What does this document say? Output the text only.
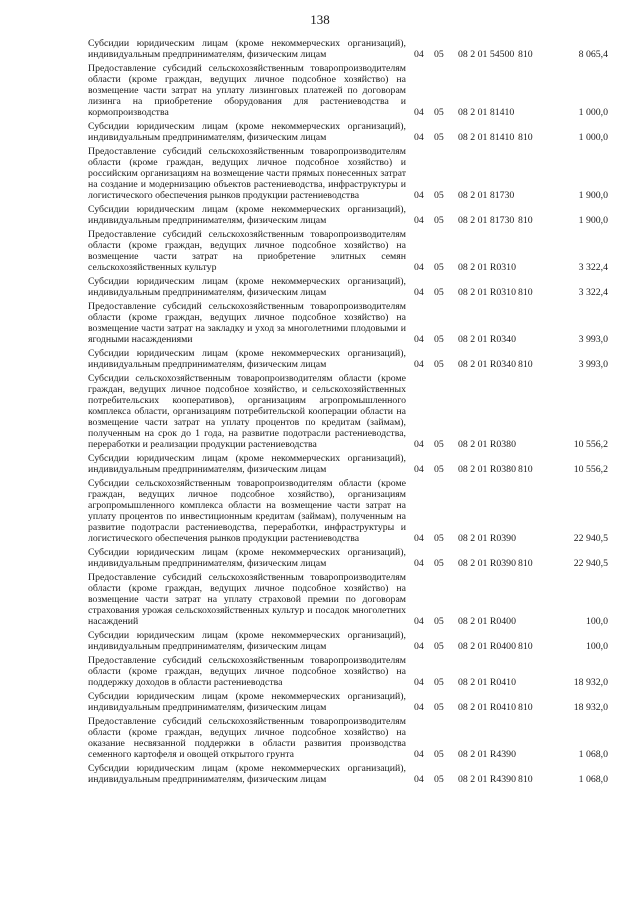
138
Субсидии юридическим лицам (кроме некоммерческих организаций), индивидуальным предпринимателям, физическим лицам	04	05	08 2 01 54500 810	8 065,4
Предоставление субсидий сельскохозяйственным товаропроизводителям области (кроме граждан, ведущих личное подсобное хозяйство) на возмещение части затрат на уплату лизинговых платежей по договорам лизинга на приобретение оборудования для растениеводства и кормопроизводства	04	05	08 2 01 81410	1 000,0
Субсидии юридическим лицам (кроме некоммерческих организаций), индивидуальным предпринимателям, физическим лицам	04	05	08 2 01 81410 810	1 000,0
Предоставление субсидий сельскохозяйственным товаропроизводителям области (кроме граждан, ведущих личное подсобное хозяйство) и российским организациям на возмещение части прямых понесенных затрат на создание и модернизацию объектов растениеводства, инфраструктуры и логистического обеспечения рынков продукции растениеводства	04	05	08 2 01 81730	1 900,0
Субсидии юридическим лицам (кроме некоммерческих организаций), индивидуальным предпринимателям, физическим лицам	04	05	08 2 01 81730 810	1 900,0
Предоставление субсидий сельскохозяйственным товаропроизводителям области (кроме граждан, ведущих личное подсобное хозяйство) на возмещение части затрат на приобретение элитных семян сельскохозяйственных культур	04	05	08 2 01 R0310	3 322,4
Субсидии юридическим лицам (кроме некоммерческих организаций), индивидуальным предпринимателям, физическим лицам	04	05	08 2 01 R0310 810	3 322,4
Предоставление субсидий сельскохозяйственным товаропроизводителям области (кроме граждан, ведущих личное подсобное хозяйство) на возмещение части затрат на закладку и уход за многолетними плодовыми и ягодными насаждениями	04	05	08 2 01 R0340	3 993,0
Субсидии юридическим лицам (кроме некоммерческих организаций), индивидуальным предпринимателям, физическим лицам	04	05	08 2 01 R0340 810	3 993,0
Субсидии сельскохозяйственным товаропроизводителям области (кроме граждан, ведущих личное подсобное хозяйство, и сельскохозяйственных потребительских кооперативов), организациям агропромышленного комплекса области, организациям потребительской кооперации области на возмещение части затрат на уплату процентов по кредитам (займам), полученным на срок до 1 года, на развитие подотрасли растениеводства, переработки и реализации продукции растениеводства	04	05	08 2 01 R0380	10 556,2
Субсидии юридическим лицам (кроме некоммерческих организаций), индивидуальным предпринимателям, физическим лицам	04	05	08 2 01 R0380 810	10 556,2
Субсидии сельскохозяйственным товаропроизводителям области (кроме граждан, ведущих личное подсобное хозяйство), организациям агропромышленного комплекса области на возмещение части затрат на уплату процентов по инвестиционным кредитам (займам), полученным на развитие подотрасли растениеводства, переработки, инфраструктуры и логистического обеспечения рынков продукции растениеводства	04	05	08 2 01 R0390	22 940,5
Субсидии юридическим лицам (кроме некоммерческих организаций), индивидуальным предпринимателям, физическим лицам	04	05	08 2 01 R0390 810	22 940,5
Предоставление субсидий сельскохозяйственным товаропроизводителям области (кроме граждан, ведущих личное подсобное хозяйство) на возмещение части затрат на уплату страховой премии по договорам страхования урожая сельскохозяйственных культур и посадок многолетних насаждений	04	05	08 2 01 R0400	100,0
Субсидии юридическим лицам (кроме некоммерческих организаций), индивидуальным предпринимателям, физическим лицам	04	05	08 2 01 R0400 810	100,0
Предоставление субсидий сельскохозяйственным товаропроизводителям области (кроме граждан, ведущих личное подсобное хозяйство) на поддержку доходов в области растениеводства	04	05	08 2 01 R0410	18 932,0
Субсидии юридическим лицам (кроме некоммерческих организаций), индивидуальным предпринимателям, физическим лицам	04	05	08 2 01 R0410 810	18 932,0
Предоставление субсидий сельскохозяйственным товаропроизводителям области (кроме граждан, ведущих личное подсобное хозяйство) на оказание несвязанной поддержки в области развития производства семенного картофеля и овощей открытого грунта	04	05	08 2 01 R4390	1 068,0
Субсидии юридическим лицам (кроме некоммерческих организаций), индивидуальным предпринимателям, физическим лицам	04	05	08 2 01 R4390 810	1 068,0
